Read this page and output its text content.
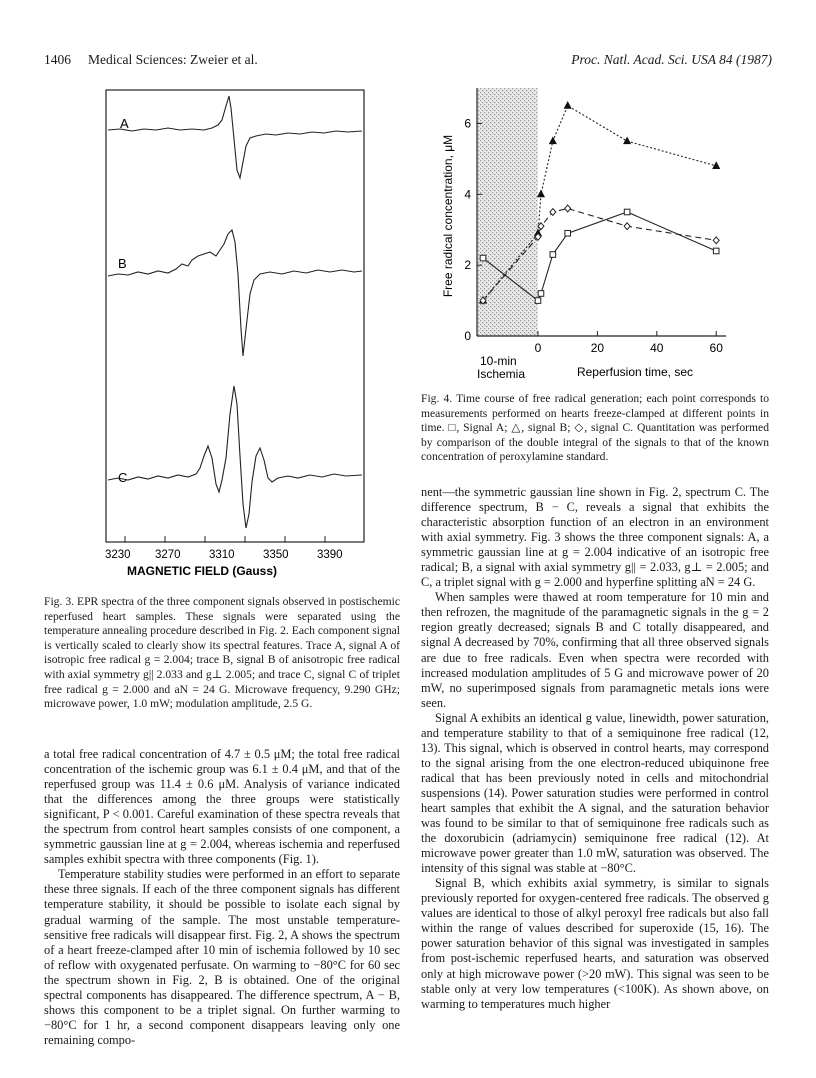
1406 Medical Sciences: Zweier et al.	Proc. Natl. Acad. Sci. USA 84 (1987)
A
B
C
3230 3270 3310 3350 3390
MAGNETIC FIELD (Gauss)
Fig. 3. EPR spectra of the three component signals observed in postischemic reperfused heart samples. These signals were separated using the temperature annealing procedure described in Fig. 2. Each component signal is vertically scaled to clearly show its spectral features. Trace A, signal A of isotropic free radical g = 2.004; trace B, signal B of anisotropic free radical with axial symmetry g|| 2.033 and g⊥ 2.005; and trace C, signal C of triplet free radical g = 2.000 and aN = 24 G. Microwave frequency, 9.290 GHz; microwave power, 1.0 mW; modulation amplitude, 2.5 G.
0
2
4
6
0	20	40	60
Free radical concentration, μM
10-min Ischemia	Reperfusion time, sec
Fig. 4. Time course of free radical generation; each point corresponds to measurements performed on hearts freeze-clamped at different points in time. □, Signal A; △, signal B; ◇, signal C. Quantitation was performed by comparison of the double integral of the signals to that of the known concentration of peroxylamine standard.

a total free radical concentration of 4.7 ± 0.5 μM; the total free radical concentration of the ischemic group was 6.1 ± 0.4 μM, and that of the reperfused group was 11.4 ± 0.6 μM. Analysis of variance indicated that the differences among the three groups were statistically significant, P < 0.001. Careful examination of these spectra reveals that the spectrum from control heart samples consists of one component, a symmetric gaussian line at g = 2.004, whereas ischemia and reperfused samples exhibit spectra with three components (Fig. 1).

Temperature stability studies were performed in an effort to separate these three signals. If each of the three component signals has different temperature stability, it should be possible to isolate each signal by gradual warming of the sample. The most unstable temperature-sensitive free radicals will disappear first. Fig. 2, A shows the spectrum of a heart freeze-clamped after 10 min of ischemia followed by 10 sec of reflow with oxygenated perfusate. On warming to −80°C for 60 sec the spectrum shown in Fig. 2, B is obtained. One of the original spectral components has disappeared. The difference spectrum, A − B, shows this component to be a triplet signal. On further warming to −80°C for 1 hr, a second component disappears leaving only one remaining compo-

nent—the symmetric gaussian line shown in Fig. 2, spectrum C. The difference spectrum, B − C, reveals a signal that exhibits the characteristic absorption function of an electron in an environment with axial symmetry. Fig. 3 shows the three component signals: A, a symmetric gaussian line at g = 2.004 indicative of an isotropic free radical; B, a signal with axial symmetry g|| = 2.033, g⊥ = 2.005; and C, a triplet signal with g = 2.000 and hyperfine splitting aN = 24 G.

When samples were thawed at room temperature for 10 min and then refrozen, the magnitude of the paramagnetic signals in the g = 2 region greatly decreased; signals B and C totally disappeared, and signal A decreased by 70%, confirming that all three observed signals are due to free radicals. Even when spectra were recorded with increased modulation amplitudes of 5 G and microwave power of 20 mW, no superimposed signals from paramagnetic metals ions were seen.

Signal A exhibits an identical g value, linewidth, power saturation, and temperature stability to that of a semiquinone free radical (12, 13). This signal, which is observed in control hearts, may correspond to the signal arising from the one electron-reduced ubiquinone free radical that has been previously noted in cells and mitochondrial suspensions (14). Power saturation studies were performed in control heart samples that exhibit the A signal, and the saturation behavior was found to be similar to that of semiquinone free radicals such as the doxorubicin (adriamycin) semiquinone free radical (12). At microwave power greater than 1.0 mW, saturation was observed. The intensity of this signal was stable at −80°C.

Signal B, which exhibits axial symmetry, is similar to signals previously reported for oxygen-centered free radicals. The observed g values are identical to those of alkyl peroxyl free radicals but also fall within the range of values described for superoxide (15, 16). The power saturation behavior of this signal was investigated in samples from post-ischemic reperfused hearts, and saturation was observed only at high microwave power (>20 mW). This signal was seen to be stable only at very low temperatures (<100K). As shown above, on warming to temperatures much higher
